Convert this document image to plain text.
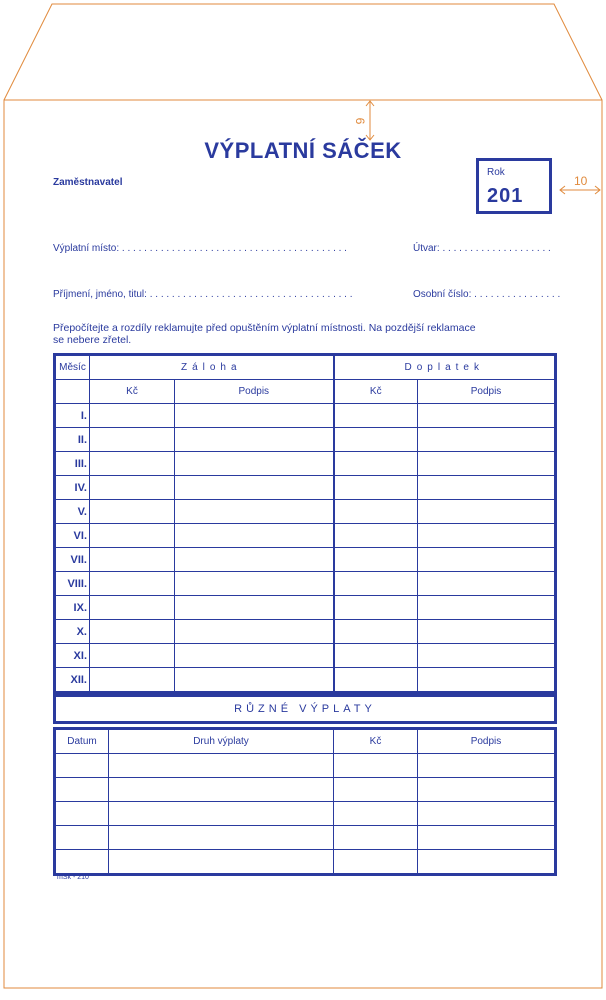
9
10
VÝPLATNÍ SÁČEK
Zaměstnavatel
Rok
201
Výplatní místo: . . . . . . . . . . . . . . . . . . . . . . . . . . . . . . . . . . . . . . . . .	Útvar: . . . . . . . . . . . . . . . . . . . .
Příjmení, jméno, titul: . . . . . . . . . . . . . . . . . . . . . . . . . . . . . . . . . . . . .	Osobní číslo: . . . . . . . . . . . . . . . .
Přepočítejte a rozdíly reklamujte před opuštěním výplatní místnosti. Na pozdější reklamace
se nebere zřetel.
Měsíc	Záloha		Doplatek	
	Kč	Podpis	Kč	Podpis
I.				
II.				
III.				
IV.				
V.				
VI.				
VII.				
VIII.				
IX.				
X.				
XI.				
XII.				
RŮZNÉ VÝPLATY
Datum	Druh výplaty	Kč	Podpis

mSk - 210
